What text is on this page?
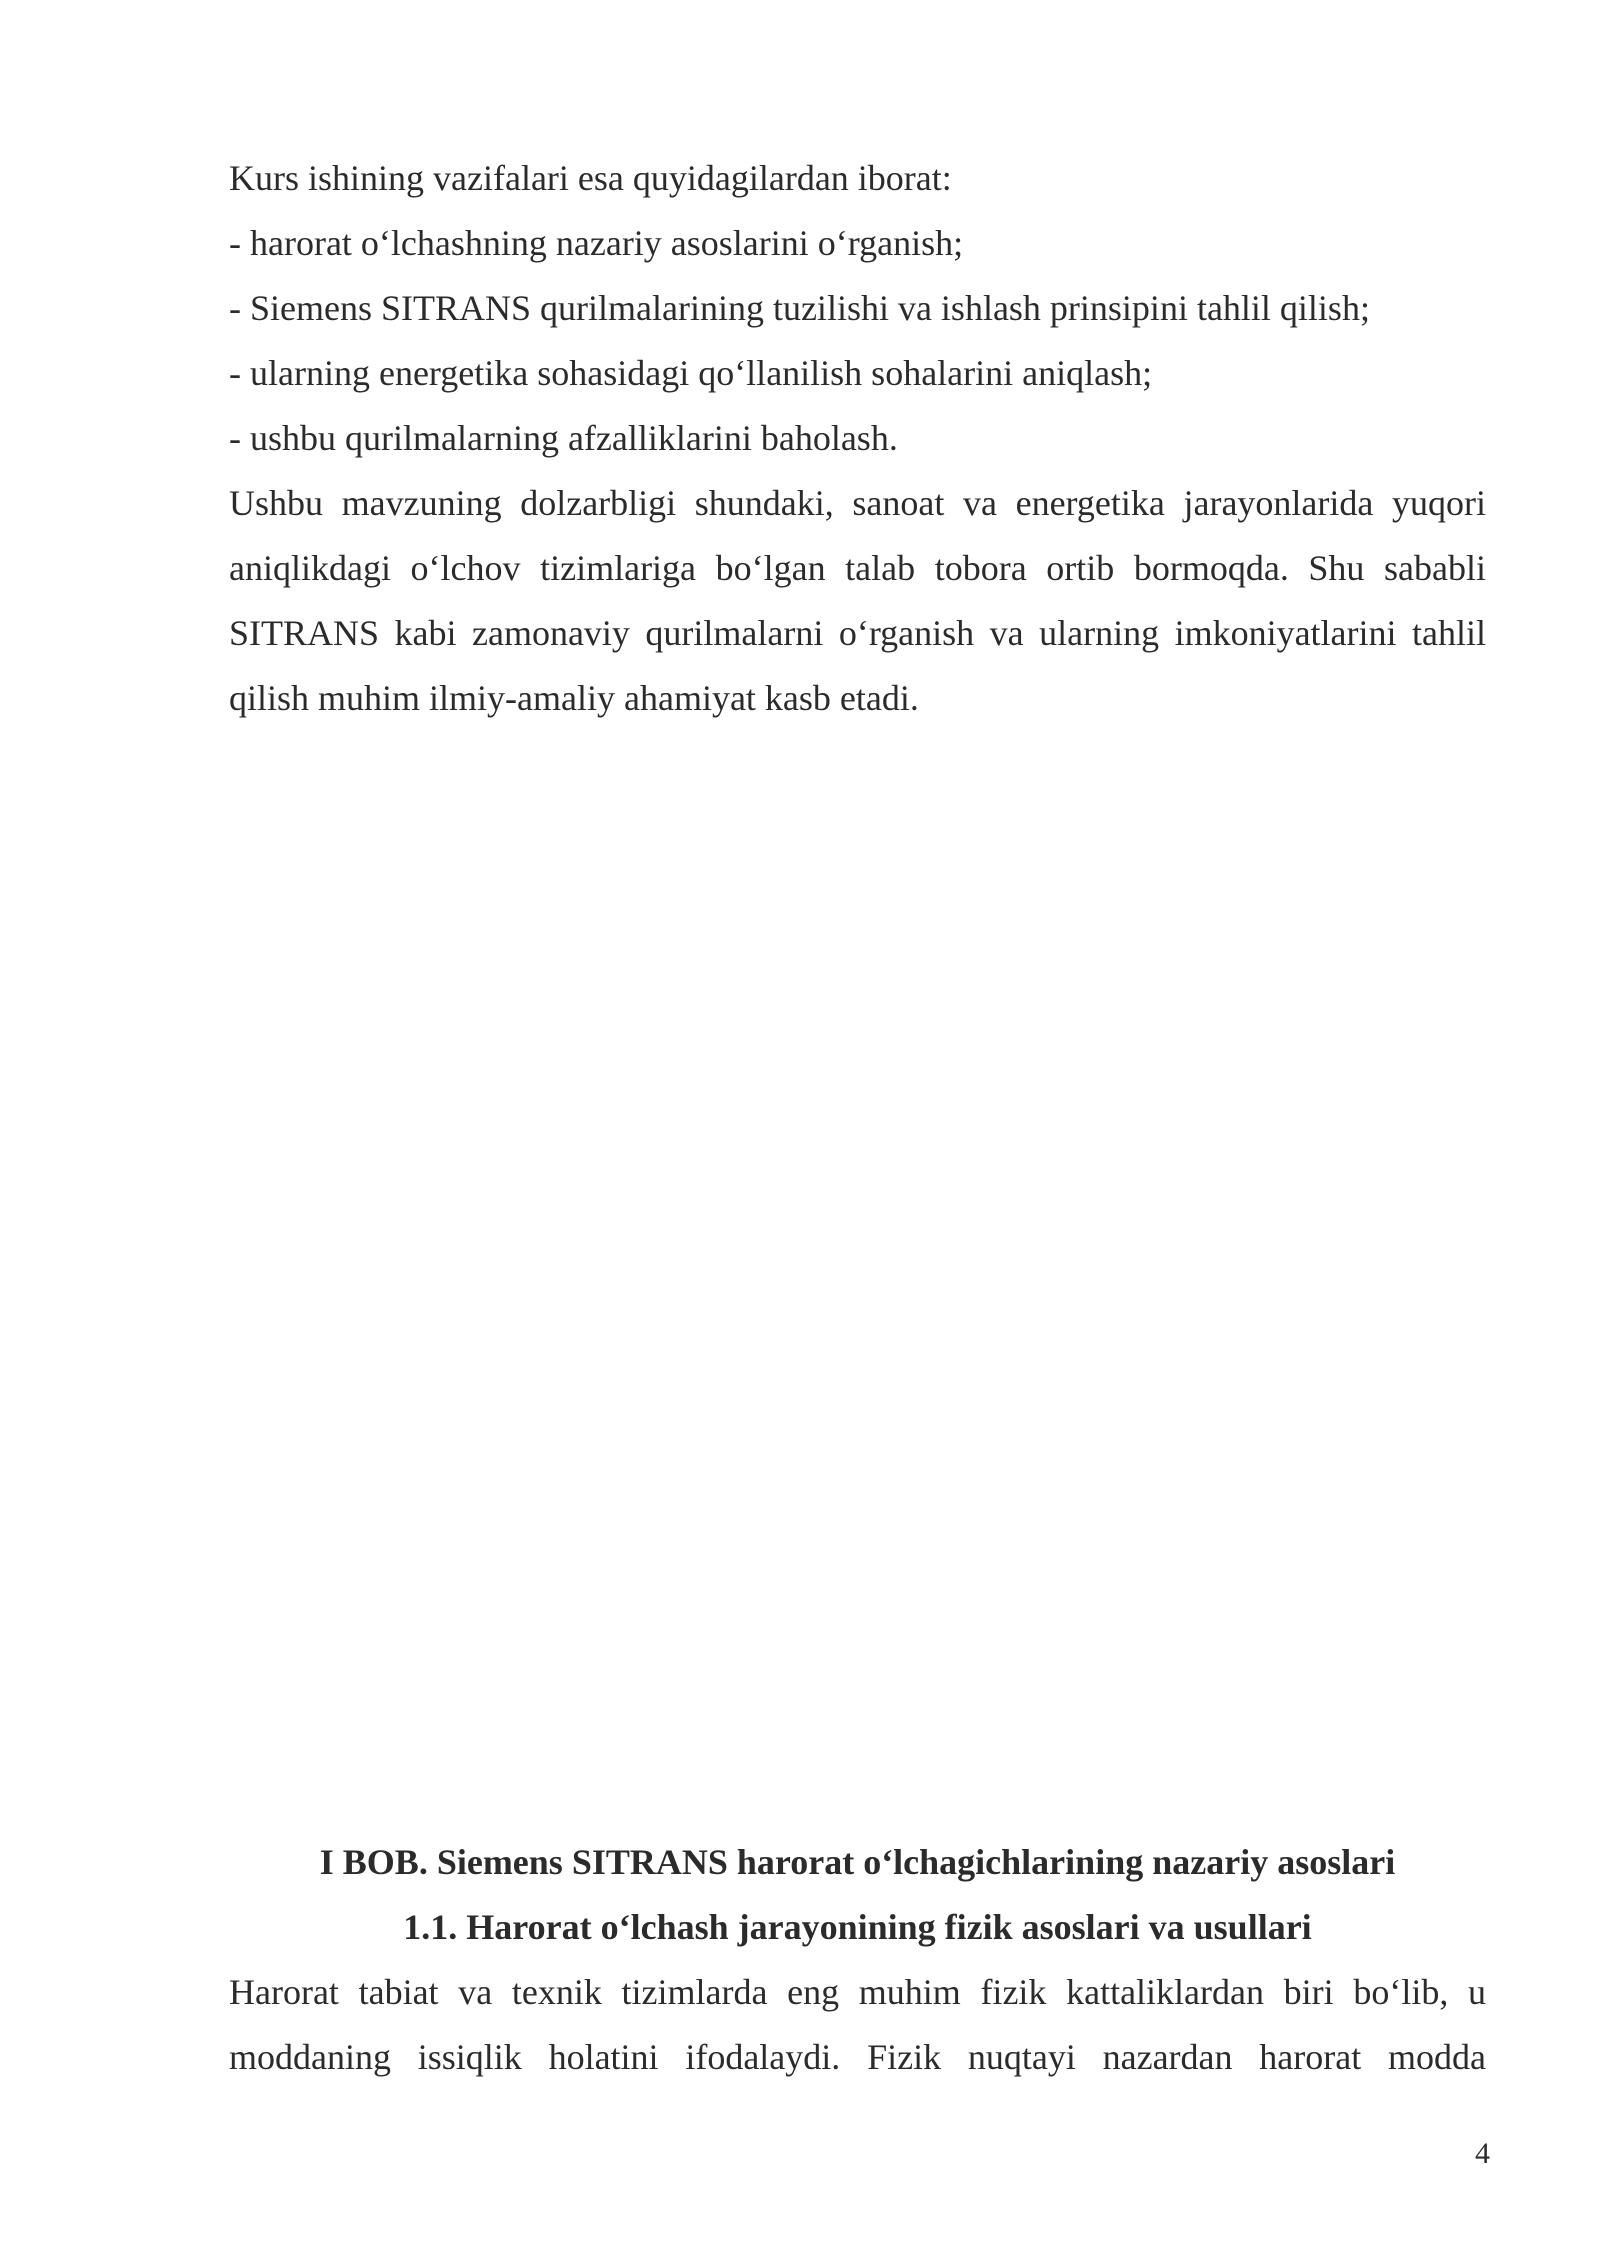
Kurs ishining vazifalari esa quyidagilardan iborat:
- harorat o‘lchashning nazariy asoslarini o‘rganish;
- Siemens SITRANS qurilmalarining tuzilishi va ishlash prinsipini tahlil qilish;
- ularning energetika sohasidagi qo‘llanilish sohalarini aniqlash;
- ushbu qurilmalarning afzalliklarini baholash.
Ushbu mavzuning dolzarbligi shundaki, sanoat va energetika jarayonlarida yuqori aniqlikdagi o‘lchov tizimlariga bo‘lgan talab tobora ortib bormoqda. Shu sababli SITRANS kabi zamonaviy qurilmalarni o‘rganish va ularning imkoniyatlarini tahlil qilish muhim ilmiy-amaliy ahamiyat kasb etadi.
I BOB. Siemens SITRANS harorat o‘lchagichlarining nazariy asoslari
1.1. Harorat o‘lchash jarayonining fizik asoslari va usullari
Harorat tabiat va texnik tizimlarda eng muhim fizik kattaliklardan biri bo‘lib, u moddaning issiqlik holatini ifodalaydi. Fizik nuqtayi nazardan harorat modda
4
